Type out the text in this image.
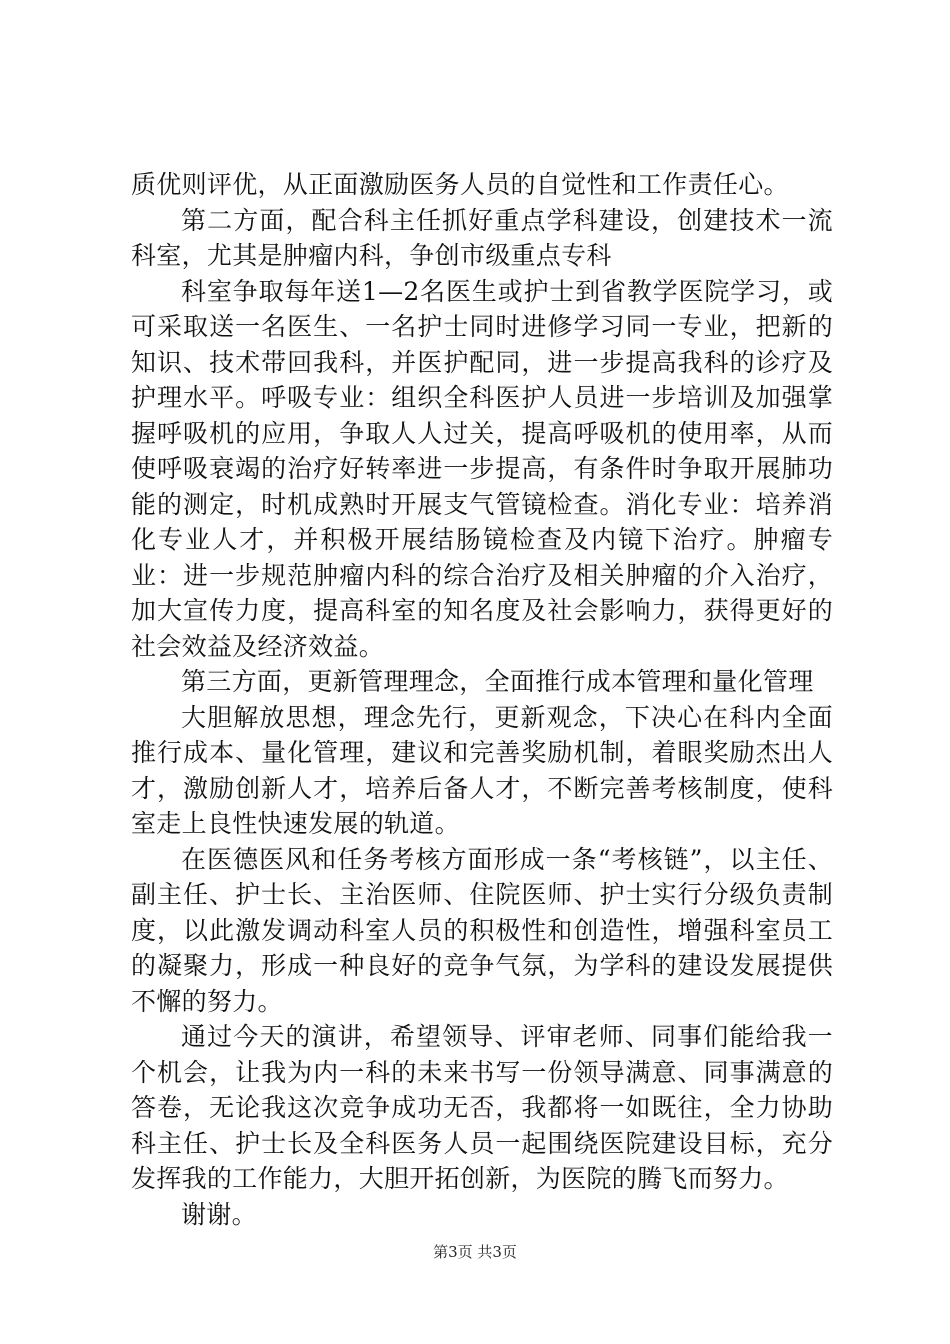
质优则评优，从正面激励医务人员的自觉性和工作责任心。

第二方面，配合科主任抓好重点学科建设，创建技术一流科室，尤其是肿瘤内科，争创市级重点专科

科室争取每年送1—2名医生或护士到省教学医院学习，或可采取送一名医生、一名护士同时进修学习同一专业，把新的知识、技术带回我科，并医护配同，进一步提高我科的诊疗及护理水平。呼吸专业：组织全科医护人员进一步培训及加强掌握呼吸机的应用，争取人人过关，提高呼吸机的使用率，从而使呼吸衰竭的治疗好转率进一步提高，有条件时争取开展肺功能的测定，时机成熟时开展支气管镜检查。消化专业：培养消化专业人才，并积极开展结肠镜检查及内镜下治疗。肿瘤专业：进一步规范肿瘤内科的综合治疗及相关肿瘤的介入治疗，加大宣传力度，提高科室的知名度及社会影响力，获得更好的社会效益及经济效益。

第三方面，更新管理理念，全面推行成本管理和量化管理

大胆解放思想，理念先行，更新观念，下决心在科内全面推行成本、量化管理，建议和完善奖励机制，着眼奖励杰出人才，激励创新人才，培养后备人才，不断完善考核制度，使科室走上良性快速发展的轨道。

在医德医风和任务考核方面形成一条“考核链”，以主任、副主任、护士长、主治医师、住院医师、护士实行分级负责制度，以此激发调动科室人员的积极性和创造性，增强科室员工的凝聚力，形成一种良好的竞争气氛，为学科的建设发展提供不懈的努力。

通过今天的演讲，希望领导、评审老师、同事们能给我一个机会，让我为内一科的未来书写一份领导满意、同事满意的答卷，无论我这次竞争成功无否，我都将一如既往，全力协助科主任、护士长及全科医务人员一起围绕医院建设目标，充分发挥我的工作能力，大胆开拓创新，为医院的腾飞而努力。

谢谢。

第3页 共3页
